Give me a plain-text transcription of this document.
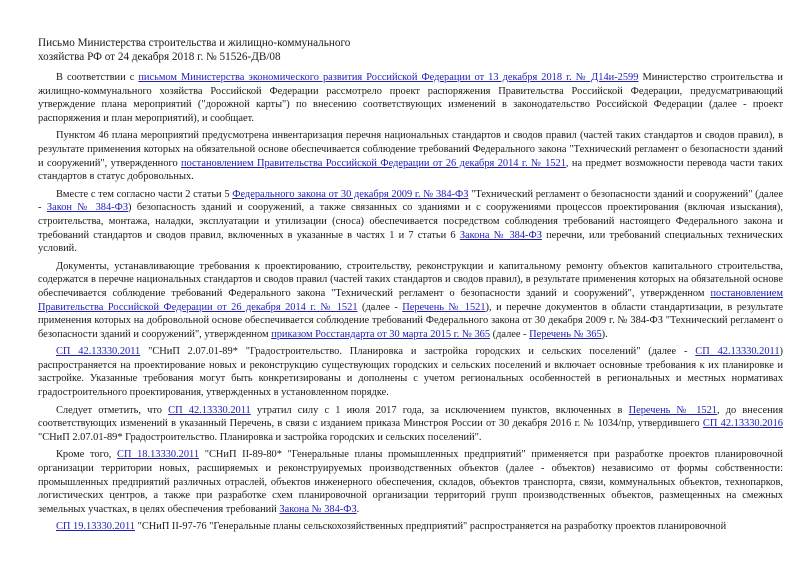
Письмо Министерства строительства и жилищно-коммунального
хозяйства РФ от 24 декабря 2018 г. № 51526-ДВ/08

В соответствии с письмом Министерства экономического развития Российской Федерации от 13 декабря 2018 г. № Д14и-2599 Министерство строительства и жилищно-коммунального хозяйства Российской Федерации рассмотрело проект распоряжения Правительства Российской Федерации, предусматривающий утверждение плана мероприятий ("дорожной карты") по внесению соответствующих изменений в законодательство Российской Федерации (далее - проект распоряжения и план мероприятий), и сообщает.

Пунктом 46 плана мероприятий предусмотрена инвентаризация перечня национальных стандартов и сводов правил (частей таких стандартов и сводов правил), в результате применения которых на обязательной основе обеспечивается соблюдение требований Федерального закона "Технический регламент о безопасности зданий и сооружений", утвержденного постановлением Правительства Российской Федерации от 26 декабря 2014 г. № 1521, на предмет возможности перевода части таких стандартов в статус добровольных.

Вместе с тем согласно части 2 статьи 5 Федерального закона от 30 декабря 2009 г. № 384-ФЗ "Технический регламент о безопасности зданий и сооружений" (далее - Закон № 384-ФЗ) безопасность зданий и сооружений, а также связанных со зданиями и с сооружениями процессов проектирования (включая изыскания), строительства, монтажа, наладки, эксплуатации и утилизации (сноса) обеспечивается посредством соблюдения требований настоящего Федерального закона и требований стандартов и сводов правил, включенных в указанные в частях 1 и 7 статьи 6 Закона № 384-ФЗ перечни, или требований специальных технических условий.

Документы, устанавливающие требования к проектированию, строительству, реконструкции и капитальному ремонту объектов капитального строительства, содержатся в перечне национальных стандартов и сводов правил (частей таких стандартов и сводов правил), в результате применения которых на обязательной основе обеспечивается соблюдение требований Федерального закона "Технический регламент о безопасности зданий и сооружений", утвержденном постановлением Правительства Российской Федерации от 26 декабря 2014 г. № 1521 (далее - Перечень № 1521), и перечне документов в области стандартизации, в результате применения которых на добровольной основе обеспечивается соблюдение требований Федерального закона от 30 декабря 2009 г. № 384-ФЗ "Технический регламент о безопасности зданий и сооружений", утвержденном приказом Росстандарта от 30 марта 2015 г. № 365 (далее - Перечень № 365).

СП 42.13330.2011 "СНиП 2.07.01-89* "Градостроительство. Планировка и застройка городских и сельских поселений" (далее - СП 42.13330.2011) распространяется на проектирование новых и реконструкцию существующих городских и сельских поселений и включает основные требования к их планировке и застройке. Указанные требования могут быть конкретизированы и дополнены с учетом региональных особенностей в региональных и местных нормативах градостроительного проектирования, утвержденных в установленном порядке.

Следует отметить, что СП 42.13330.2011 утратил силу с 1 июля 2017 года, за исключением пунктов, включенных в Перечень № 1521, до внесения соответствующих изменений в указанный Перечень, в связи с изданием приказа Минстроя России от 30 декабря 2016 г. № 1034/пр, утвердившего СП 42.13330.2016 "СНиП 2.07.01-89* Градостроительство. Планировка и застройка городских и сельских поселений".

Кроме того, СП 18.13330.2011 "СНиП II-89-80* "Генеральные планы промышленных предприятий" применяется при разработке проектов планировочной организации территории новых, расширяемых и реконструируемых производственных объектов (далее - объектов) независимо от формы собственности: промышленных предприятий различных отраслей, объектов инженерного обеспечения, складов, объектов транспорта, связи, коммунальных объектов, технопарков, логистических центров, а также при разработке схем планировочной организации территорий групп производственных объектов, размещенных на смежных земельных участках, в целях обеспечения требований Закона № 384-ФЗ.

СП 19.13330.2011 "СНиП II-97-76 "Генеральные планы сельскохозяйственных предприятий" распространяется на разработку проектов планировочной
